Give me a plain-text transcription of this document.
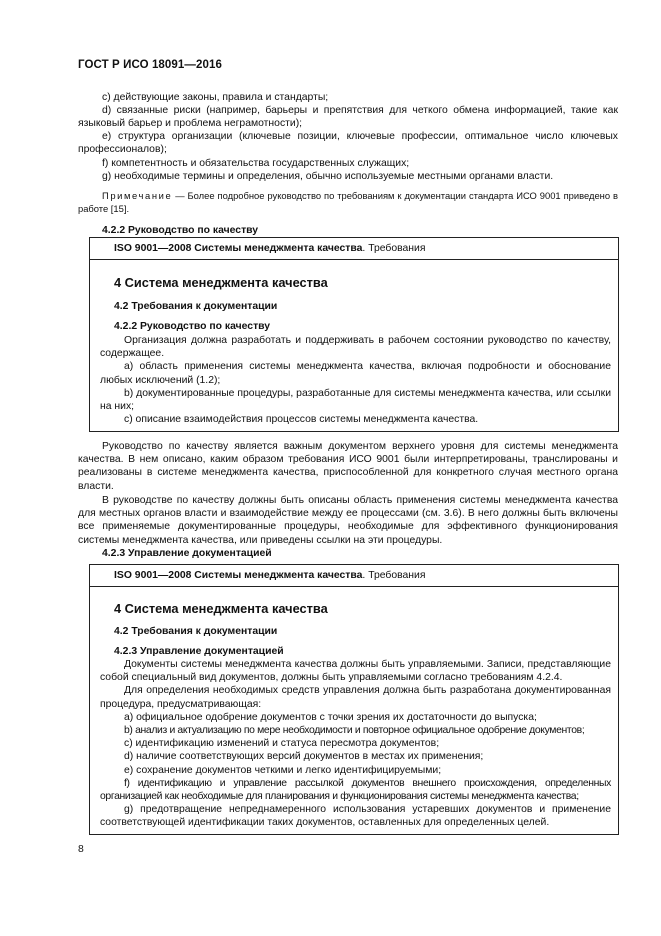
ГОСТ Р ИСО 18091—2016
c) действующие законы, правила и стандарты;
d) связанные риски (например, барьеры и препятствия для четкого обмена информацией, такие как языковый барьер и проблема неграмотности);
e) структура организации (ключевые позиции, ключевые профессии, оптимальное число ключевых профессионалов);
f) компетентность и обязательства государственных служащих;
g) необходимые термины и определения, обычно используемые местными органами власти.
Примечание — Более подробное руководство по требованиям к документации стандарта ИСО 9001 приведено в работе [15].
4.2.2 Руководство по качеству
ISO 9001—2008 Системы менеджмента качества. Требования
4 Система менеджмента качества
4.2 Требования к документации
4.2.2 Руководство по качеству
Организация должна разработать и поддерживать в рабочем состоянии руководство по качеству, содержащее.
a) область применения системы менеджмента качества, включая подробности и обоснование любых исключений (1.2);
b) документированные процедуры, разработанные для системы менеджмента качества, или ссылки на них;
c) описание взаимодействия процессов системы менеджмента качества.
Руководство по качеству является важным документом верхнего уровня для системы менеджмента качества. В нем описано, каким образом требования ИСО 9001 были интерпретированы, транслированы и реализованы в системе менеджмента качества, приспособленной для конкретного случая местного органа власти.
В руководстве по качеству должны быть описаны область применения системы менеджмента качества для местных органов власти и взаимодействие между ее процессами (см. 3.6). В него должны быть включены все применяемые документированные процедуры, необходимые для эффективного функционирования системы менеджмента качества, или приведены ссылки на эти процедуры.
4.2.3 Управление документацией
ISO 9001—2008 Системы менеджмента качества. Требования
4 Система менеджмента качества
4.2 Требования к документации
4.2.3 Управление документацией
Документы системы менеджмента качества должны быть управляемыми. Записи, представляющие собой специальный вид документов, должны быть управляемыми согласно требованиям 4.2.4.
Для определения необходимых средств управления должна быть разработана документированная процедура, предусматривающая:
a) официальное одобрение документов с точки зрения их достаточности до выпуска;
b) анализ и актуализацию по мере необходимости и повторное официальное одобрение документов;
c) идентификацию изменений и статуса пересмотра документов;
d) наличие соответствующих версий документов в местах их применения;
e) сохранение документов четкими и легко идентифицируемыми;
f) идентификацию и управление рассылкой документов внешнего происхождения, определенных организацией как необходимые для планирования и функционирования системы менеджмента качества;
g) предотвращение непреднамеренного использования устаревших документов и применение соответствующей идентификации таких документов, оставленных для определенных целей.
8
